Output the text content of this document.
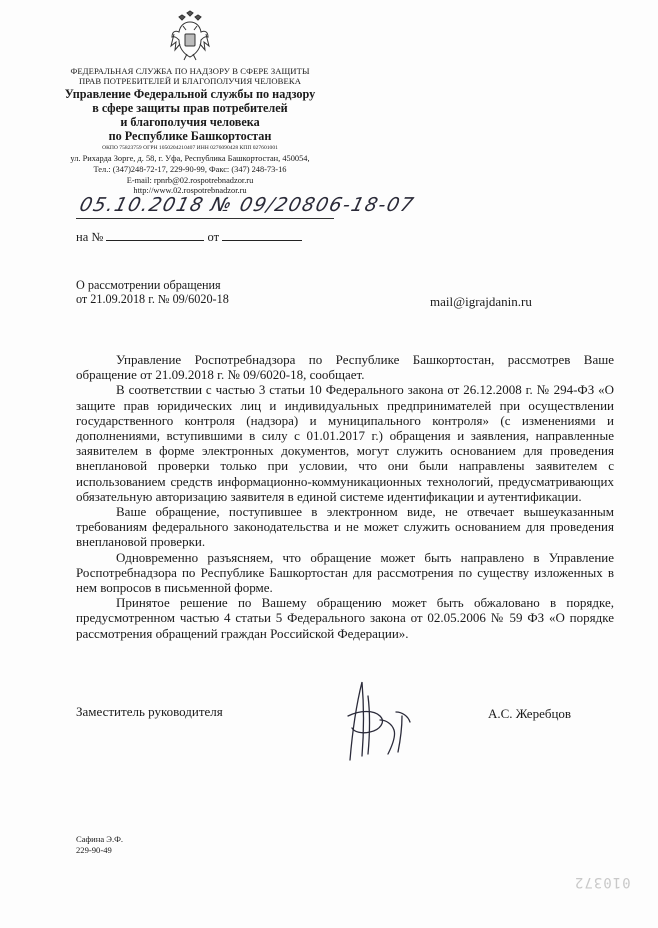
ФЕДЕРАЛЬНАЯ СЛУЖБА ПО НАДЗОРУ В СФЕРЕ ЗАЩИТЫ
ПРАВ ПОТРЕБИТЕЛЕЙ И БЛАГОПОЛУЧИЯ ЧЕЛОВЕКА
Управление Федеральной службы по надзору
в сфере защиты прав потребителей
и благополучия человека
по Республике Башкортостан
ОКПО 75823759 ОГРН 1050204210407 ИНН 0276090428 КПП 027601001
ул. Рихарда Зорге, д. 58, г. Уфа, Республика Башкортостан, 450054,
Тел.: (347)248-72-17, 229-90-99, Факс: (347) 248-73-16
E-mail: rpnrb@02.rospotrebnadzor.ru
http://www.02.rospotrebnadzor.ru
05.10.2018 № 09/20806-18-07
на №	от
О рассмотрении обращения
от 21.09.2018 г. № 09/6020-18	mail@igrajdanin.ru

Управление Роспотребнадзора по Республике Башкортостан, рассмотрев Ваше обращение от 21.09.2018 г. № 09/6020-18, сообщает.

В соответствии с частью 3 статьи 10 Федерального закона от 26.12.2008 г. № 294-ФЗ «О защите прав юридических лиц и индивидуальных предпринимателей при осуществлении государственного контроля (надзора) и муниципального контроля» (с изменениями и дополнениями, вступившими в силу с 01.01.2017 г.) обращения и заявления, направленные заявителем в форме электронных документов, могут служить основанием для проведения внеплановой проверки только при условии, что они были направлены заявителем с использованием средств информационно-коммуникационных технологий, предусматривающих обязательную авторизацию заявителя в единой системе идентификации и аутентификации.

Ваше обращение, поступившее в электронном виде, не отвечает вышеуказанным требованиям федерального законодательства и не может служить основанием для проведения внеплановой проверки.

Одновременно разъясняем, что обращение может быть направлено в Управление Роспотребнадзора по Республике Башкортостан для рассмотрения по существу изложенных в нем вопросов в письменной форме.

Принятое решение по Вашему обращению может быть обжаловано в порядке, предусмотренном частью 4 статьи 5 Федерального закона от 02.05.2006 № 59 ФЗ «О порядке рассмотрения обращений граждан Российской Федерации».

Заместитель руководителя	А.С. Жеребцов
Сафина Э.Ф.
229-90-49
010372
